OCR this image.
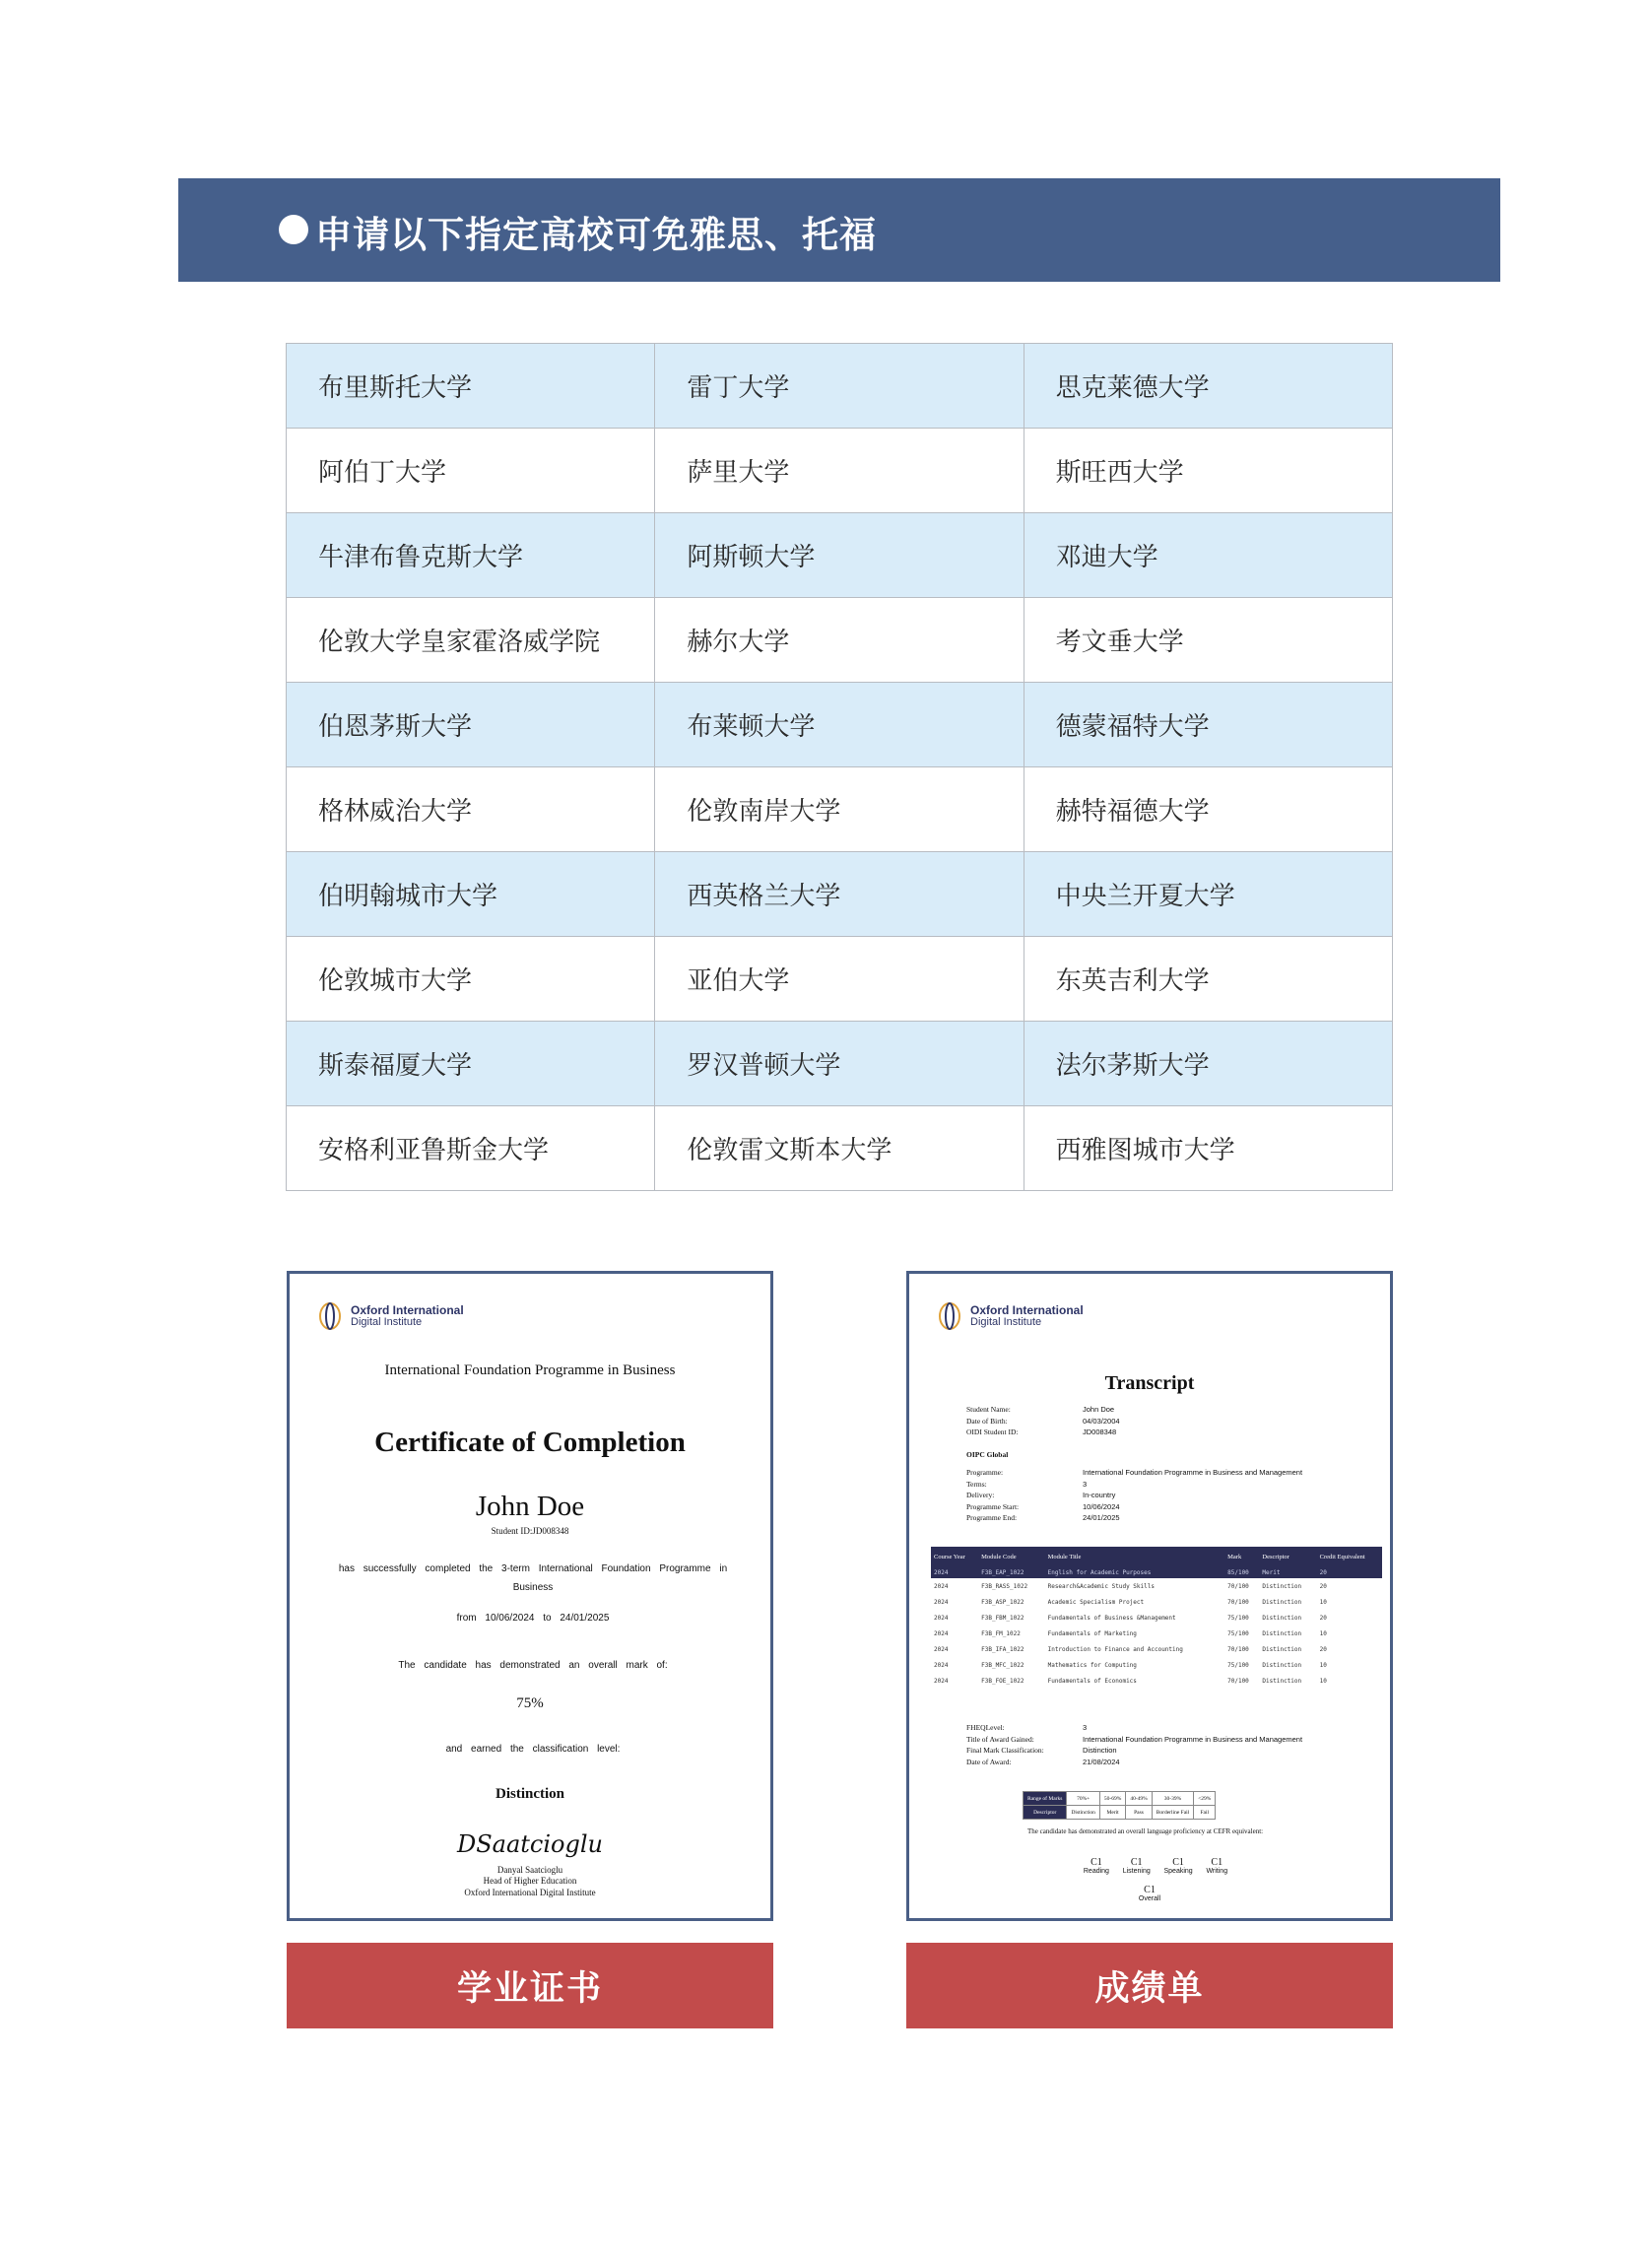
申请以下指定高校可免雅思、托福
布里斯托大学	雷丁大学	思克莱德大学
阿伯丁大学	萨里大学	斯旺西大学
牛津布鲁克斯大学	阿斯顿大学	邓迪大学
伦敦大学皇家霍洛威学院	赫尔大学	考文垂大学
伯恩茅斯大学	布莱顿大学	德蒙福特大学
格林威治大学	伦敦南岸大学	赫特福德大学
伯明翰城市大学	西英格兰大学	中央兰开夏大学
伦敦城市大学	亚伯大学	东英吉利大学
斯泰福厦大学	罗汉普顿大学	法尔茅斯大学
安格利亚鲁斯金大学	伦敦雷文斯本大学	西雅图城市大学
Oxford International
Digital Institute
International Foundation Programme in Business
Certificate of Completion
John Doe
Student ID:JD008348
has successfully completed the 3-term International Foundation Programme in Business
from 10/06/2024 to 24/01/2025
The candidate has demonstrated an overall mark of:
75%
and earned the classification level:
Distinction
DSaatcioglu
Danyal Saatcioglu
Head of Higher Education
Oxford International Digital Institute
Oxford International
Digital Institute
Transcript
Student Name:	John Doe
Date of Birth:	04/03/2004
OIDI Student ID:	JD008348
OIPC Global
Programme:	International Foundation Programme in Business and Management
Terms:	3
Delivery:	In-country
Programme Start:	10/06/2024
Programme End:	24/01/2025
Course Year	Module Code	Module Title	Mark	Descriptor	Credit Equivalent
2024	F3B_EAP_1022	English for Academic Purposes	85/100	Merit	20
2024	F3B_RASS_1022	Research&Academic Study Skills	70/100	Distinction	20
2024	F3B_ASP_1022	Academic Specialism Project	70/100	Distinction	10
2024	F3B_FBM_1022	Fundamentals of Business &Management	75/100	Distinction	20
2024	F3B_FM_1022	Fundamentals of Marketing	75/100	Distinction	10
2024	F3B_IFA_1022	Introduction to Finance and Accounting	70/100	Distinction	20
2024	F3B_MFC_1022	Mathematics for Computing	75/100	Distinction	10
2024	F3B_FOE_1022	Fundamentals of Economics	70/100	Distinction	10
FHEQLevel:	3
Title of Award Gained:	International Foundation Programme in Business and Management
Final Mark Classification:	Distinction
Date of Award:	21/08/2024
Range of Marks	70%+	50-69%	40-49%	30-39%	<29%
Descriptor	Distinction	Merit	Pass	Borderline Fail	Fail
The candidate has demonstrated an overall language proficiency at CEFR equivalent:
C1
Reading
C1
Listening
C1
Speaking
C1
Writing
C1
Overall
学业证书	成绩单
